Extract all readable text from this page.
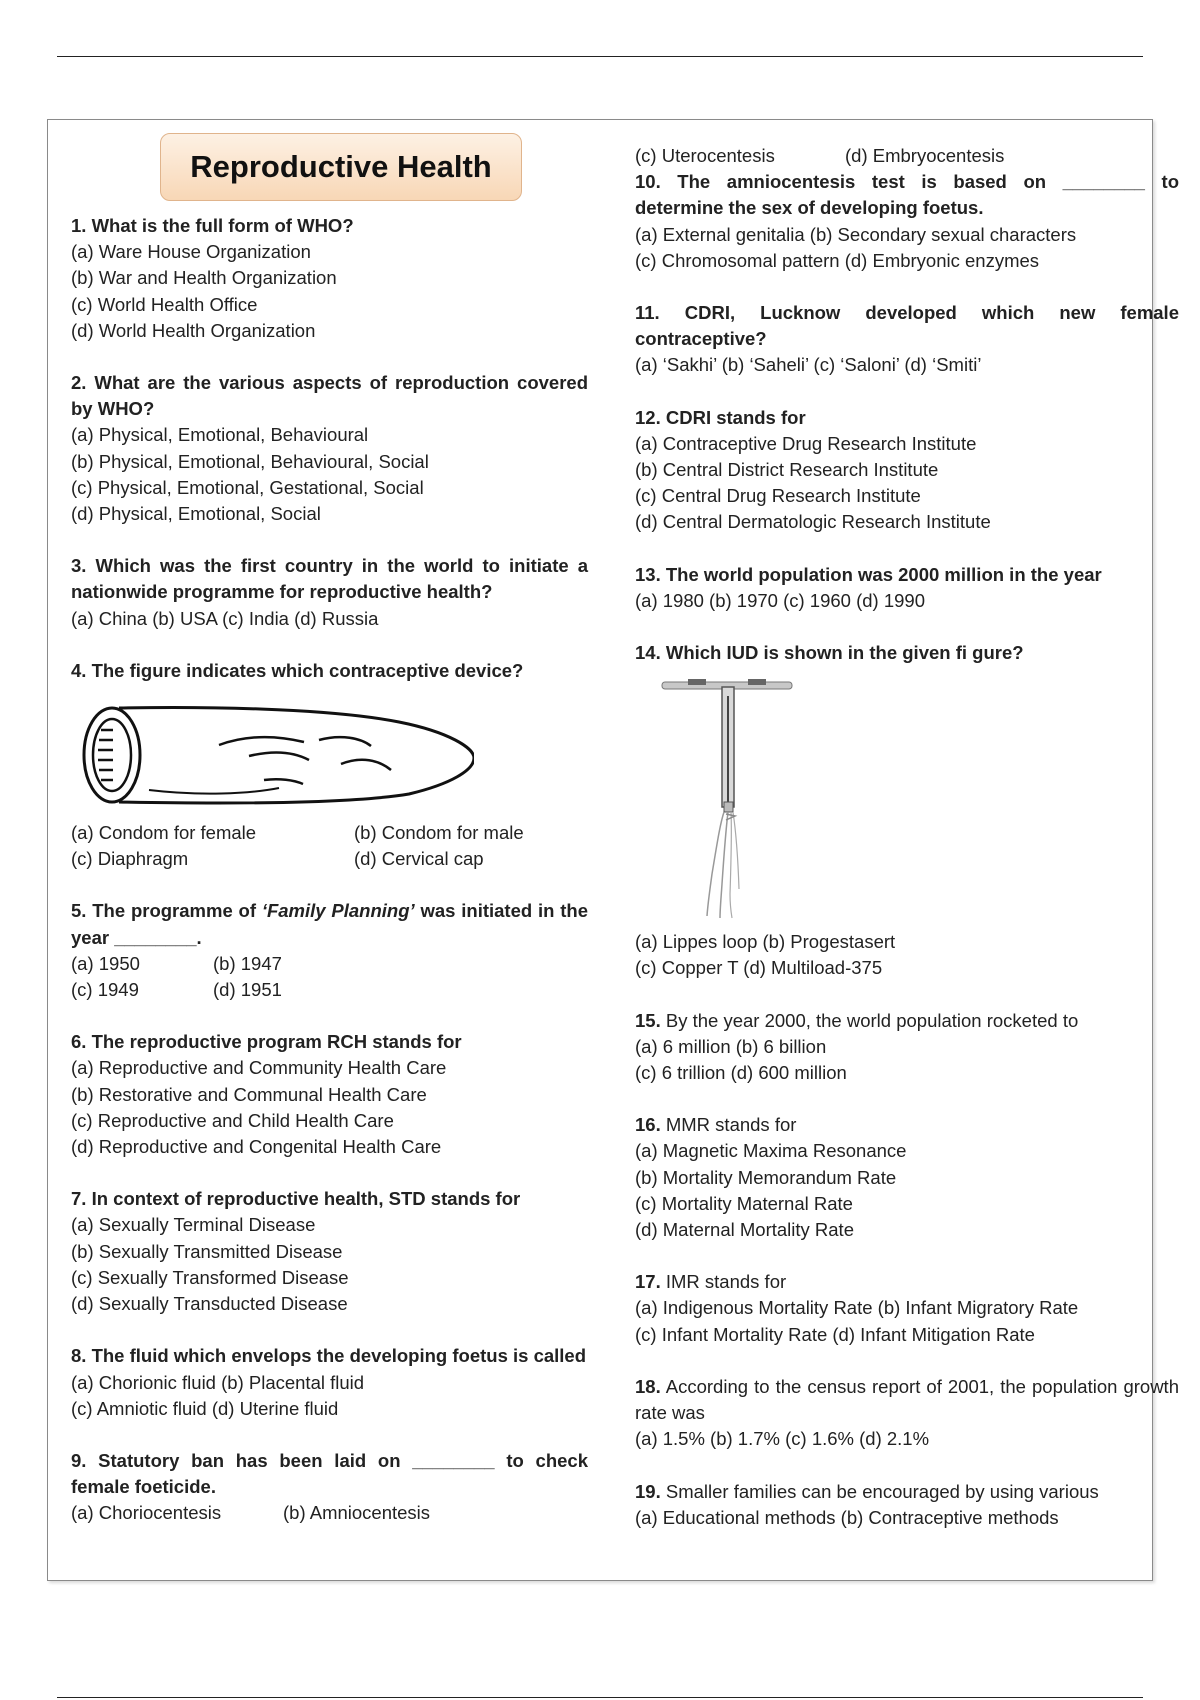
Reproductive Health
1. What is the full form of WHO?
(a) Ware House Organization
(b) War and Health Organization
(c) World Health Office
(d) World Health Organization
2. What are the various aspects of reproduction covered by WHO?
(a) Physical, Emotional, Behavioural
(b) Physical, Emotional, Behavioural, Social
(c) Physical, Emotional, Gestational, Social
(d) Physical, Emotional, Social
3. Which was the first country in the world to initiate a nationwide programme for reproductive health?
(a) China (b) USA (c) India (d) Russia
4. The figure indicates which contraceptive device?
(a) Condom for female	(b) Condom for male
(c) Diaphragm	(d) Cervical cap
5. The programme of ‘Family Planning’ was initiated in the year ________.
(a) 1950	(b) 1947
(c) 1949	(d) 1951
6. The reproductive program RCH stands for
(a) Reproductive and Community Health Care
(b) Restorative and Communal Health Care
(c) Reproductive and Child Health Care
(d) Reproductive and Congenital Health Care
7. In context of reproductive health, STD stands for
(a) Sexually Terminal Disease
(b) Sexually Transmitted Disease
(c) Sexually Transformed Disease
(d) Sexually Transducted Disease
8. The fluid which envelops the developing foetus is called
(a) Chorionic fluid (b) Placental fluid
(c) Amniotic fluid (d) Uterine fluid
9. Statutory ban has been laid on ________ to check female foeticide.
(a) Choriocentesis	(b) Amniocentesis
(c) Uterocentesis	(d) Embryocentesis
10. The amniocentesis test is based on ________ to determine the sex of developing foetus.
(a) External genitalia (b) Secondary sexual characters
(c) Chromosomal pattern (d) Embryonic enzymes
11. CDRI, Lucknow developed which new female contraceptive?
(a) ‘Sakhi’ (b) ‘Saheli’ (c) ‘Saloni’ (d) ‘Smiti’
12. CDRI stands for
(a) Contraceptive Drug Research Institute
(b) Central District Research Institute
(c) Central Drug Research Institute
(d) Central Dermatologic Research Institute
13. The world population was 2000 million in the year
(a) 1980 (b) 1970 (c) 1960 (d) 1990
14. Which IUD is shown in the given fi gure?
(a) Lippes loop (b) Progestasert
(c) Copper T (d) Multiload-375
15. By the year 2000, the world population rocketed to
(a) 6 million (b) 6 billion
(c) 6 trillion (d) 600 million
16. MMR stands for
(a) Magnetic Maxima Resonance
(b) Mortality Memorandum Rate
(c) Mortality Maternal Rate
(d) Maternal Mortality Rate
17. IMR stands for
(a) Indigenous Mortality Rate (b) Infant Migratory Rate
(c) Infant Mortality Rate (d) Infant Mitigation Rate
18. According to the census report of 2001, the population growth rate was
(a) 1.5% (b) 1.7% (c) 1.6% (d) 2.1%
19. Smaller families can be encouraged by using various
(a) Educational methods (b) Contraceptive methods
